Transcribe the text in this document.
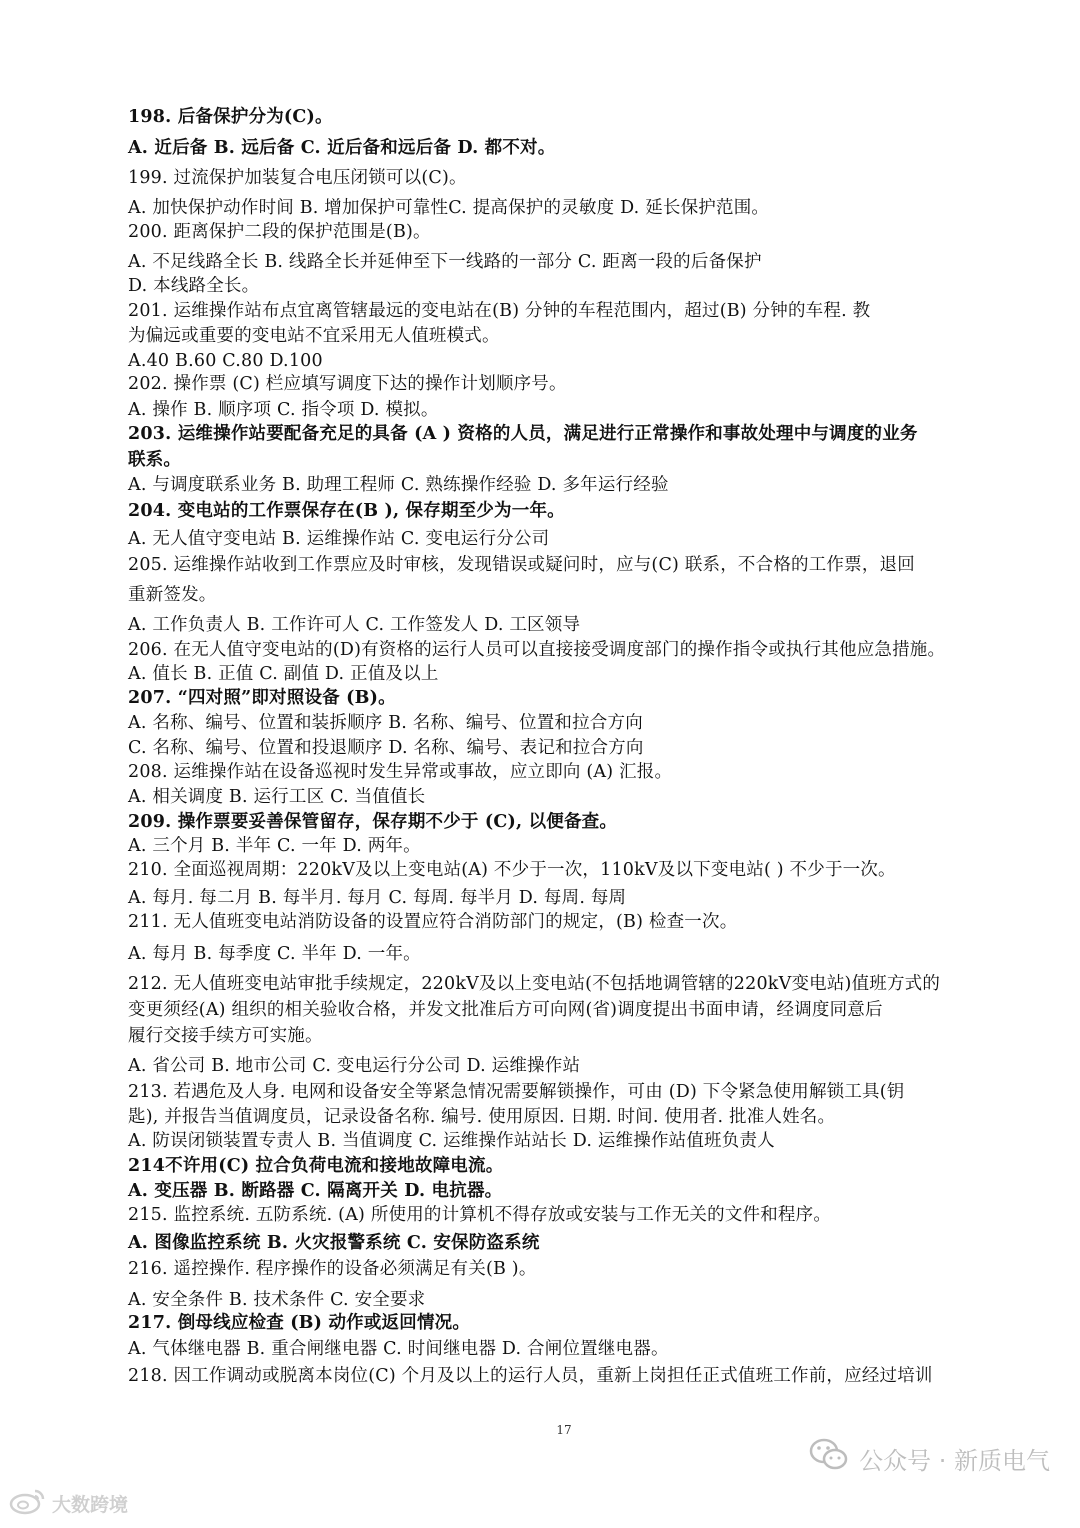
198. 后备保护分为(C)。
A. 近后备 B. 远后备 C. 近后备和远后备 D. 都不对。
199. 过流保护加装复合电压闭锁可以(C)。
A. 加快保护动作时间 B. 增加保护可靠性C. 提高保护的灵敏度 D. 延长保护范围。
200. 距离保护二段的保护范围是(B)。
A. 不足线路全长 B. 线路全长并延伸至下一线路的一部分 C. 距离一段的后备保护
D. 本线路全长。
201. 运维操作站布点宜离管辖最远的变电站在(B) 分钟的车程范围内，超过(B) 分钟的车程. 教
为偏远或重要的变电站不宜采用无人值班模式。
A.40 B.60 C.80 D.100
202. 操作票 (C) 栏应填写调度下达的操作计划顺序号。
A. 操作 B. 顺序项 C. 指令项 D. 模拟。
203. 运维操作站要配备充足的具备 (A ) 资格的人员，满足进行正常操作和事故处理中与调度的业务
联系。
A. 与调度联系业务 B. 助理工程师 C. 熟练操作经验 D. 多年运行经验
204. 变电站的工作票保存在(B ), 保存期至少为一年。
A. 无人值守变电站 B. 运维操作站 C. 变电运行分公司
205. 运维操作站收到工作票应及时审核，发现错误或疑问时，应与(C) 联系，不合格的工作票，退回
重新签发。
A. 工作负责人 B. 工作许可人 C. 工作签发人 D. 工区领导
206. 在无人值守变电站的(D)有资格的运行人员可以直接接受调度部门的操作指令或执行其他应急措施。
A. 值长 B. 正值 C. 副值 D. 正值及以上
207. “四对照”即对照设备 (B)。
A. 名称、编号、位置和装拆顺序 B. 名称、编号、位置和拉合方向
C. 名称、编号、位置和投退顺序 D. 名称、编号、表记和拉合方向
208. 运维操作站在设备巡视时发生异常或事故，应立即向 (A) 汇报。
A. 相关调度 B. 运行工区 C. 当值值长
209. 操作票要妥善保管留存，保存期不少于 (C), 以便备查。
A. 三个月 B. 半年 C. 一年 D. 两年。
210. 全面巡视周期：220kV及以上变电站(A) 不少于一次，110kV及以下变电站( ) 不少于一次。
A. 每月. 每二月 B. 每半月. 每月 C. 每周. 每半月 D. 每周. 每周
211. 无人值班变电站消防设备的设置应符合消防部门的规定，(B) 检查一次。
A. 每月 B. 每季度 C. 半年 D. 一年。
212. 无人值班变电站审批手续规定，220kV及以上变电站(不包括地调管辖的220kV变电站)值班方式的
变更须经(A) 组织的相关验收合格，并发文批准后方可向网(省)调度提出书面申请，经调度同意后
履行交接手续方可实施。
A. 省公司 B. 地市公司 C. 变电运行分公司 D. 运维操作站
213. 若遇危及人身. 电网和设备安全等紧急情况需要解锁操作，可由 (D) 下令紧急使用解锁工具(钥
匙), 并报告当值调度员，记录设备名称. 编号. 使用原因. 日期. 时间. 使用者. 批准人姓名。
A. 防误闭锁装置专责人 B. 当值调度 C. 运维操作站站长 D. 运维操作站值班负责人
214不许用(C) 拉合负荷电流和接地故障电流。
A. 变压器 B. 断路器 C. 隔离开关 D. 电抗器。
215. 监控系统. 五防系统. (A) 所使用的计算机不得存放或安装与工作无关的文件和程序。
A. 图像监控系统 B. 火灾报警系统 C. 安保防盗系统
216. 遥控操作. 程序操作的设备必须满足有关(B )。
A. 安全条件 B. 技术条件 C. 安全要求
217. 倒母线应检查 (B) 动作或返回情况。
A. 气体继电器 B. 重合闸继电器 C. 时间继电器 D. 合闸位置继电器。
218. 因工作调动或脱离本岗位(C) 个月及以上的运行人员，重新上岗担任正式值班工作前，应经过培训
17
公众号 · 新质电气
大数跨境
